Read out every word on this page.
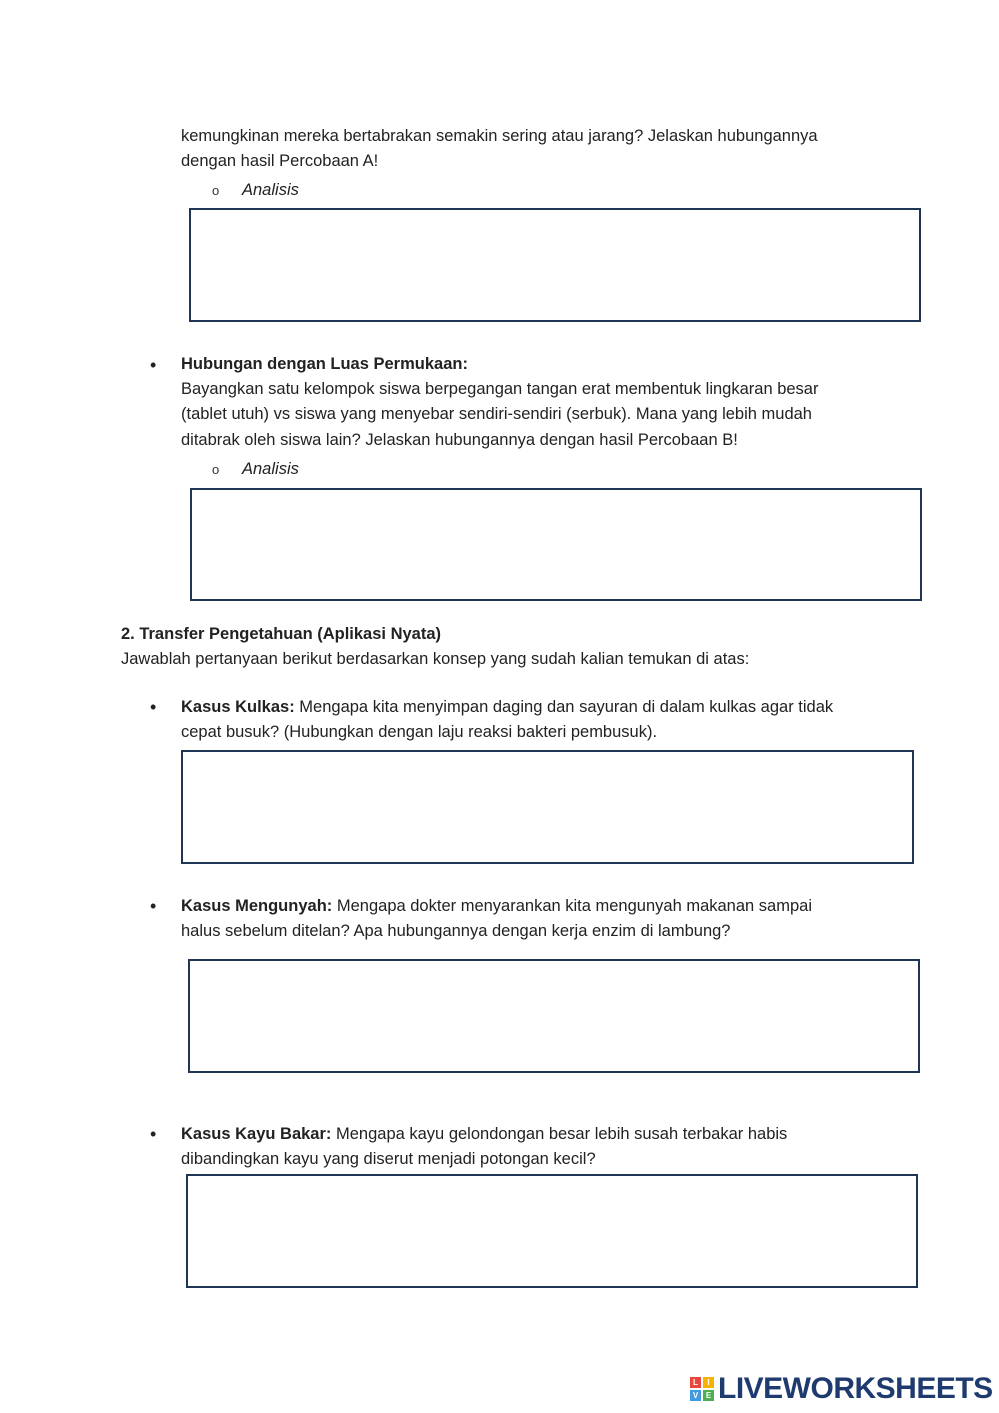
kemungkinan mereka bertabrakan semakin sering atau jarang? Jelaskan hubungannya
dengan hasil Percobaan A!
o Analisis
• Hubungan dengan Luas Permukaan:
Bayangkan satu kelompok siswa berpegangan tangan erat membentuk lingkaran besar
(tablet utuh) vs siswa yang menyebar sendiri-sendiri (serbuk). Mana yang lebih mudah
ditabrak oleh siswa lain? Jelaskan hubungannya dengan hasil Percobaan B!
o Analisis
2. Transfer Pengetahuan (Aplikasi Nyata)
Jawablah pertanyaan berikut berdasarkan konsep yang sudah kalian temukan di atas:
• Kasus Kulkas: Mengapa kita menyimpan daging dan sayuran di dalam kulkas agar tidak
cepat busuk? (Hubungkan dengan laju reaksi bakteri pembusuk).
• Kasus Mengunyah: Mengapa dokter menyarankan kita mengunyah makanan sampai
halus sebelum ditelan? Apa hubungannya dengan kerja enzim di lambung?
• Kasus Kayu Bakar: Mengapa kayu gelondongan besar lebih susah terbakar habis
dibandingkan kayu yang diserut menjadi potongan kecil?
L	I
V E LIVEWORKSHEETS
